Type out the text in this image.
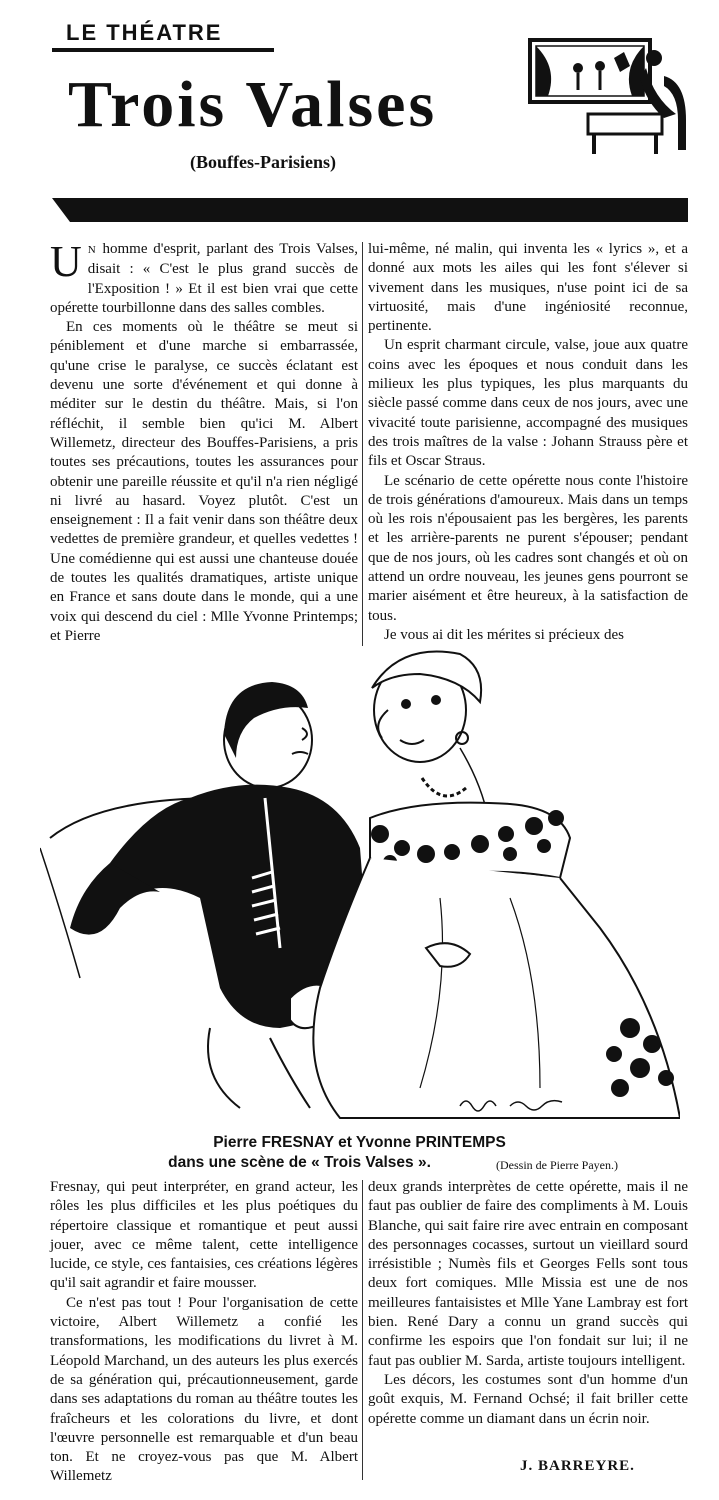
LE THÉATRE
Trois Valses
(Bouffes-Parisiens)

U N homme d'esprit, parlant des Trois Valses, disait : « C'est le plus grand succès de l'Exposition ! » Et il est bien vrai que cette opérette tourbillonne dans des salles combles.

En ces moments où le théâtre se meut si péniblement et d'une marche si embarrassée, qu'une crise le paralyse, ce succès éclatant est devenu une sorte d'événement et qui donne à méditer sur le destin du théâtre. Mais, si l'on réfléchit, il semble bien qu'ici M. Albert Willemetz, directeur des Bouffes-Parisiens, a pris toutes ses précautions, toutes les assurances pour obtenir une pareille réussite et qu'il n'a rien négligé ni livré au hasard. Voyez plutôt. C'est un enseignement : Il a fait venir dans son théâtre deux vedettes de première grandeur, et quelles vedettes ! Une comédienne qui est aussi une chanteuse douée de toutes les qualités dramatiques, artiste unique en France et sans doute dans le monde, qui a une voix qui descend du ciel : Mlle Yvonne Printemps; et Pierre

lui-même, né malin, qui inventa les « lyrics », et a donné aux mots les ailes qui les font s'élever si vivement dans les musiques, n'use point ici de sa virtuosité, mais d'une ingéniosité reconnue, pertinente.

Un esprit charmant circule, valse, joue aux quatre coins avec les époques et nous conduit dans les milieux les plus typiques, les plus marquants du siècle passé comme dans ceux de nos jours, avec une vivacité toute parisienne, accompagné des musiques des trois maîtres de la valse : Johann Strauss père et fils et Oscar Straus.

Le scénario de cette opérette nous conte l'histoire de trois générations d'amoureux. Mais dans un temps où les rois n'épousaient pas les bergères, les parents et les arrière-parents ne purent s'épouser; pendant que de nos jours, où les cadres sont changés et où on attend un ordre nouveau, les jeunes gens pourront se marier aisément et être heureux, à la satisfaction de tous.

Je vous ai dit les mérites si précieux des

Pierre FRESNAY et Yvonne PRINTEMPS
dans une scène de « Trois Valses ».	(Dessin de Pierre Payen.)

Fresnay, qui peut interpréter, en grand acteur, les rôles les plus difficiles et les plus poétiques du répertoire classique et romantique et peut aussi jouer, avec ce même talent, cette intelligence lucide, ce style, ces fantaisies, ces créations légères qu'il sait agrandir et faire mousser.

Ce n'est pas tout ! Pour l'organisation de cette victoire, Albert Willemetz a confié les transformations, les modifications du livret à M. Léopold Marchand, un des auteurs les plus exercés de sa génération qui, précautionneusement, garde dans ses adaptations du roman au théâtre toutes les fraîcheurs et les colorations du livre, et dont l'œuvre personnelle est remarquable et d'un beau ton. Et ne croyez-vous pas que M. Albert Willemetz

deux grands interprètes de cette opérette, mais il ne faut pas oublier de faire des compliments à M. Louis Blanche, qui sait faire rire avec entrain en composant des personnages cocasses, surtout un vieillard sourd irrésistible ; Numès fils et Georges Fells sont tous deux fort comiques. Mlle Missia est une de nos meilleures fantaisistes et Mlle Yane Lambray est fort bien. René Dary a connu un grand succès qui confirme les espoirs que l'on fondait sur lui; il ne faut pas oublier M. Sarda, artiste toujours intelligent.

Les décors, les costumes sont d'un homme d'un goût exquis, M. Fernand Ochsé; il fait briller cette opérette comme un diamant dans un écrin noir.

J. BARREYRE.
